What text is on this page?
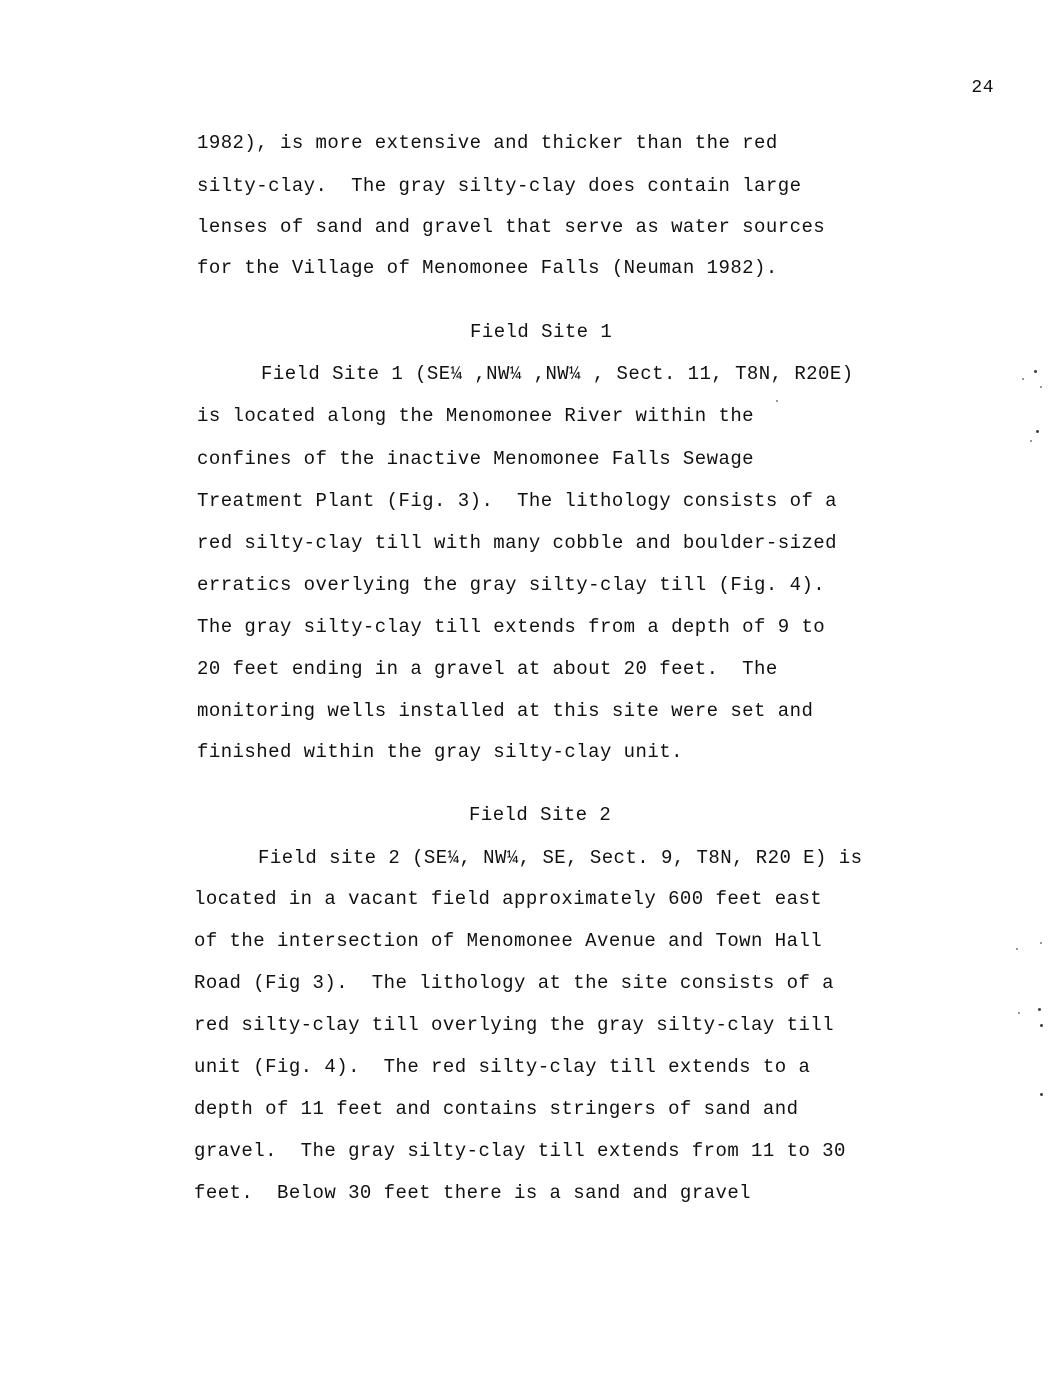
24
1982), is more extensive and thicker than the red
silty-clay.  The gray silty-clay does contain large
lenses of sand and gravel that serve as water sources
for the Village of Menomonee Falls (Neuman 1982).
Field Site 1
Field Site 1 (SE¼ ,NW¼ ,NW¼ , Sect. 11, T8N, R20E)
is located along the Menomonee River within the
confines of the inactive Menomonee Falls Sewage
Treatment Plant (Fig. 3).  The lithology consists of a
red silty-clay till with many cobble and boulder-sized
erratics overlying the gray silty-clay till (Fig. 4).
The gray silty-clay till extends from a depth of 9 to
20 feet ending in a gravel at about 20 feet.  The
monitoring wells installed at this site were set and
finished within the gray silty-clay unit.
Field Site 2
Field site 2 (SE¼, NW¼, SE, Sect. 9, T8N, R20 E) is
located in a vacant field approximately 600 feet east
of the intersection of Menomonee Avenue and Town Hall
Road (Fig 3).  The lithology at the site consists of a
red silty-clay till overlying the gray silty-clay till
unit (Fig. 4).  The red silty-clay till extends to a
depth of 11 feet and contains stringers of sand and
gravel.  The gray silty-clay till extends from 11 to 30
feet.  Below 30 feet there is a sand and gravel
